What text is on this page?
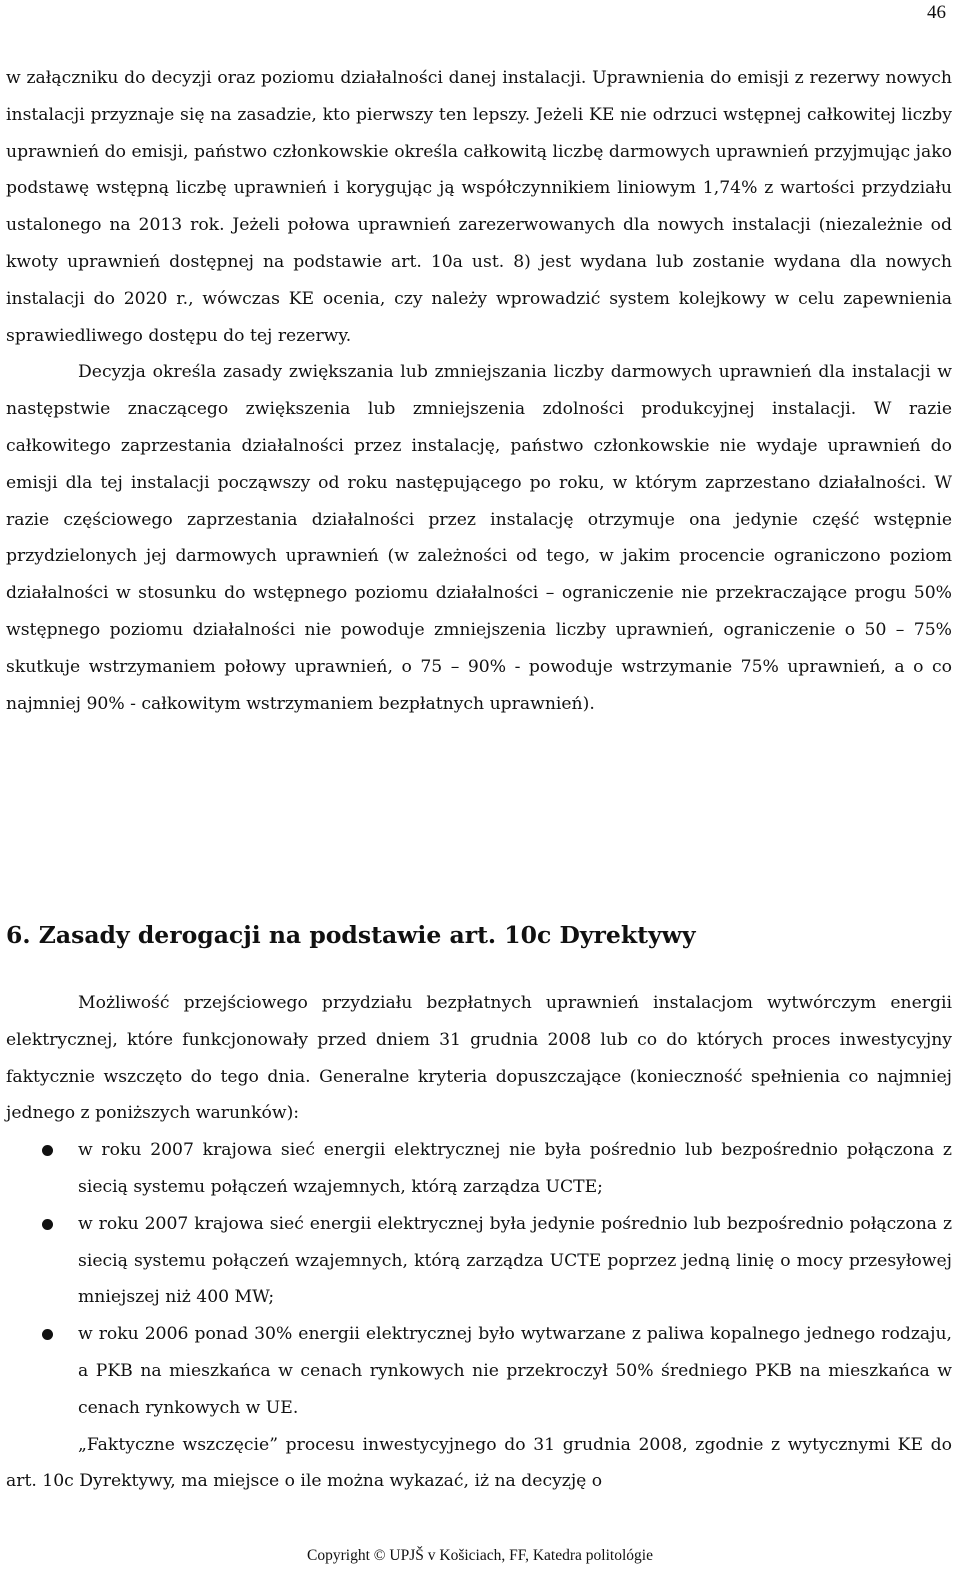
46

w załączniku do decyzji oraz poziomu działalności danej instalacji. Uprawnienia do emisji z rezerwy nowych instalacji przyznaje się na zasadzie, kto pierwszy ten lepszy. Jeżeli KE nie odrzuci wstępnej całkowitej liczby uprawnień do emisji, państwo członkowskie określa całkowitą liczbę darmowych uprawnień przyjmując jako podstawę wstępną liczbę uprawnień i korygując ją współczynnikiem liniowym 1,74% z wartości przydziału ustalonego na 2013 rok. Jeżeli połowa uprawnień zarezerwowanych dla nowych instalacji (niezależnie od kwoty uprawnień dostępnej na podstawie art. 10a ust. 8) jest wydana lub zostanie wydana dla nowych instalacji do 2020 r., wówczas KE ocenia, czy należy wprowadzić system kolejkowy w celu zapewnienia sprawiedliwego dostępu do tej rezerwy.

Decyzja określa zasady zwiększania lub zmniejszania liczby darmowych uprawnień dla instalacji w następstwie znaczącego zwiększenia lub zmniejszenia zdolności produkcyjnej instalacji. W razie całkowitego zaprzestania działalności przez instalację, państwo członkowskie nie wydaje uprawnień do emisji dla tej instalacji począwszy od roku następującego po roku, w którym zaprzestano działalności. W razie częściowego zaprzestania działalności przez instalację otrzymuje ona jedynie część wstępnie przydzielonych jej darmowych uprawnień (w zależności od tego, w jakim procencie ograniczono poziom działalności w stosunku do wstępnego poziomu działalności – ograniczenie nie przekraczające progu 50% wstępnego poziomu działalności nie powoduje zmniejszenia liczby uprawnień, ograniczenie o 50 – 75% skutkuje wstrzymaniem połowy uprawnień, o 75 – 90% - powoduje wstrzymanie 75% uprawnień, a o co najmniej 90% - całkowitym wstrzymaniem bezpłatnych uprawnień).

6. Zasady derogacji na podstawie art. 10c Dyrektywy

Możliwość przejściowego przydziału bezpłatnych uprawnień instalacjom wytwórczym energii elektrycznej, które funkcjonowały przed dniem 31 grudnia 2008 lub co do których proces inwestycyjny faktycznie wszczęto do tego dnia. Generalne kryteria dopuszczające (konieczność spełnienia co najmniej jednego z poniższych warunków):

w roku 2007 krajowa sieć energii elektrycznej nie była pośrednio lub bezpośrednio połączona z siecią systemu połączeń wzajemnych, którą zarządza UCTE;
w roku 2007 krajowa sieć energii elektrycznej była jedynie pośrednio lub bezpośrednio połączona z siecią systemu połączeń wzajemnych, którą zarządza UCTE poprzez jedną linię o mocy przesyłowej mniejszej niż 400 MW;
w roku 2006 ponad 30% energii elektrycznej było wytwarzane z paliwa kopalnego jednego rodzaju, a PKB na mieszkańca w cenach rynkowych nie przekroczył 50% średniego PKB na mieszkańca w cenach rynkowych w UE.

„Faktyczne wszczęcie” procesu inwestycyjnego do 31 grudnia 2008, zgodnie z wytycznymi KE do art. 10c Dyrektywy, ma miejsce o ile można wykazać, iż na decyzję o

Copyright © UPJŠ v Košiciach, FF, Katedra politológie
